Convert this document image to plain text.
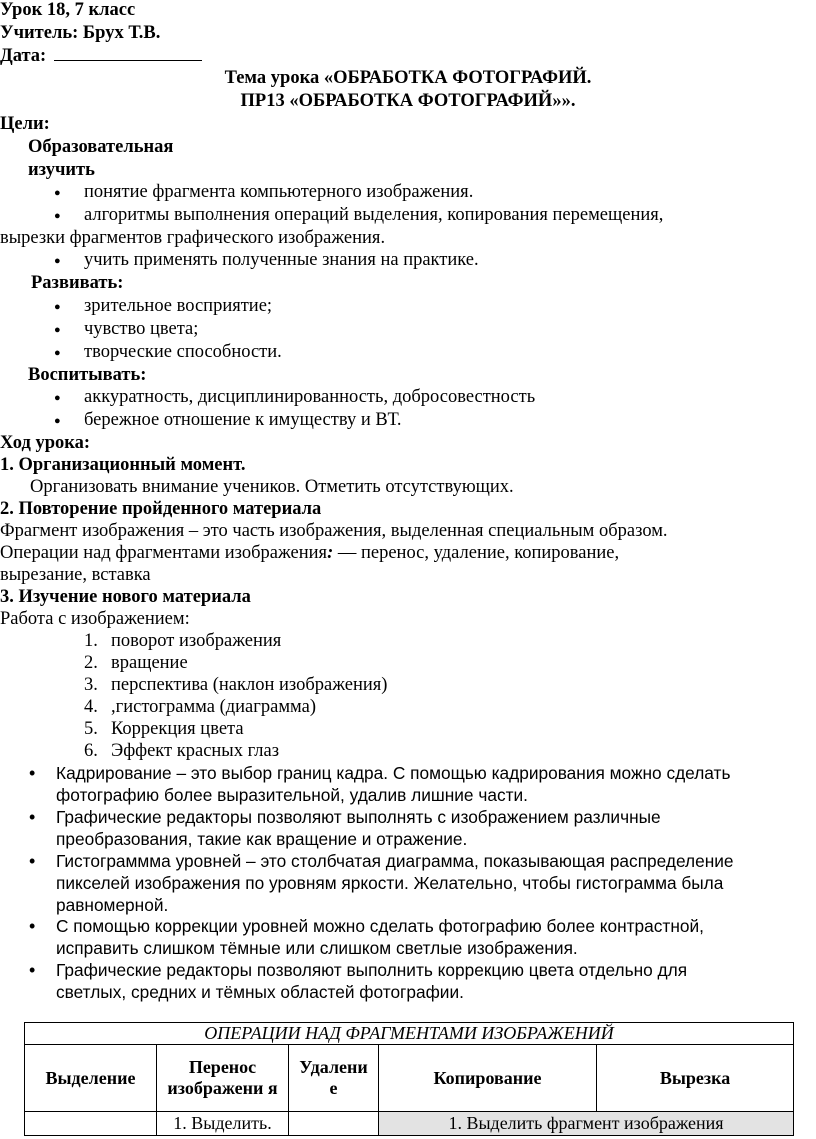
Урок 18, 7 класс
Учитель: Брух Т.В.
Дата:
Тема урока «ОБРАБОТКА ФОТОГРАФИЙ.
ПР13 «ОБРАБОТКА ФОТОГРАФИЙ»».
Цели:
Образовательная
изучить
● понятие фрагмента компьютерного изображения.
● алгоритмы выполнения операций выделения, копирования перемещения,
вырезки фрагментов графического изображения.
● учить применять полученные знания на практике.
Развивать:
● зрительное восприятие;
● чувство цвета;
● творческие способности.
Воспитывать:
● аккуратность, дисциплинированность, добросовестность
● бережное отношение к имуществу и ВТ.
Ход урока:
1. Организационный момент.
Организовать внимание учеников. Отметить отсутствующих.
2. Повторение пройденного материала
Фрагмент изображения – это часть изображения, выделенная специальным образом.
Операции над фрагментами изображения: — перенос, удаление, копирование,
вырезание, вставка
3. Изучение нового материала
Работа с изображением:
1. поворот изображения
2. вращение
3. перспектива (наклон изображения)
4. ,гистограмма (диаграмма)
5. Коррекция цвета
6. Эффект красных глаз
• Кадрирование – это выбор границ кадра. С помощью кадрирования можно сделать
фотографию более выразительной, удалив лишние части.
• Графические редакторы позволяют выполнять с изображением различные
преобразования, такие как вращение и отражение.
• Гистограммма уровней – это столбчатая диаграмма, показывающая распределение
пикселей изображения по уровням яркости. Желательно, чтобы гистограмма была
равномерной.
• С помощью коррекции уровней можно сделать фотографию более контрастной,
исправить слишком тёмные или слишком светлые изображения.
• Графические редакторы позволяют выполнить коррекцию цвета отдельно для
светлых, средних и тёмных областей фотографии.
ОПЕРАЦИИ НАД ФРАГМЕНТАМИ ИЗОБРАЖЕНИЙ				
Выделение	Перенос изображени я	Удалени е	Копирование	Вырезка
	1. Выделить.		1. Выделить фрагмент изображения	
